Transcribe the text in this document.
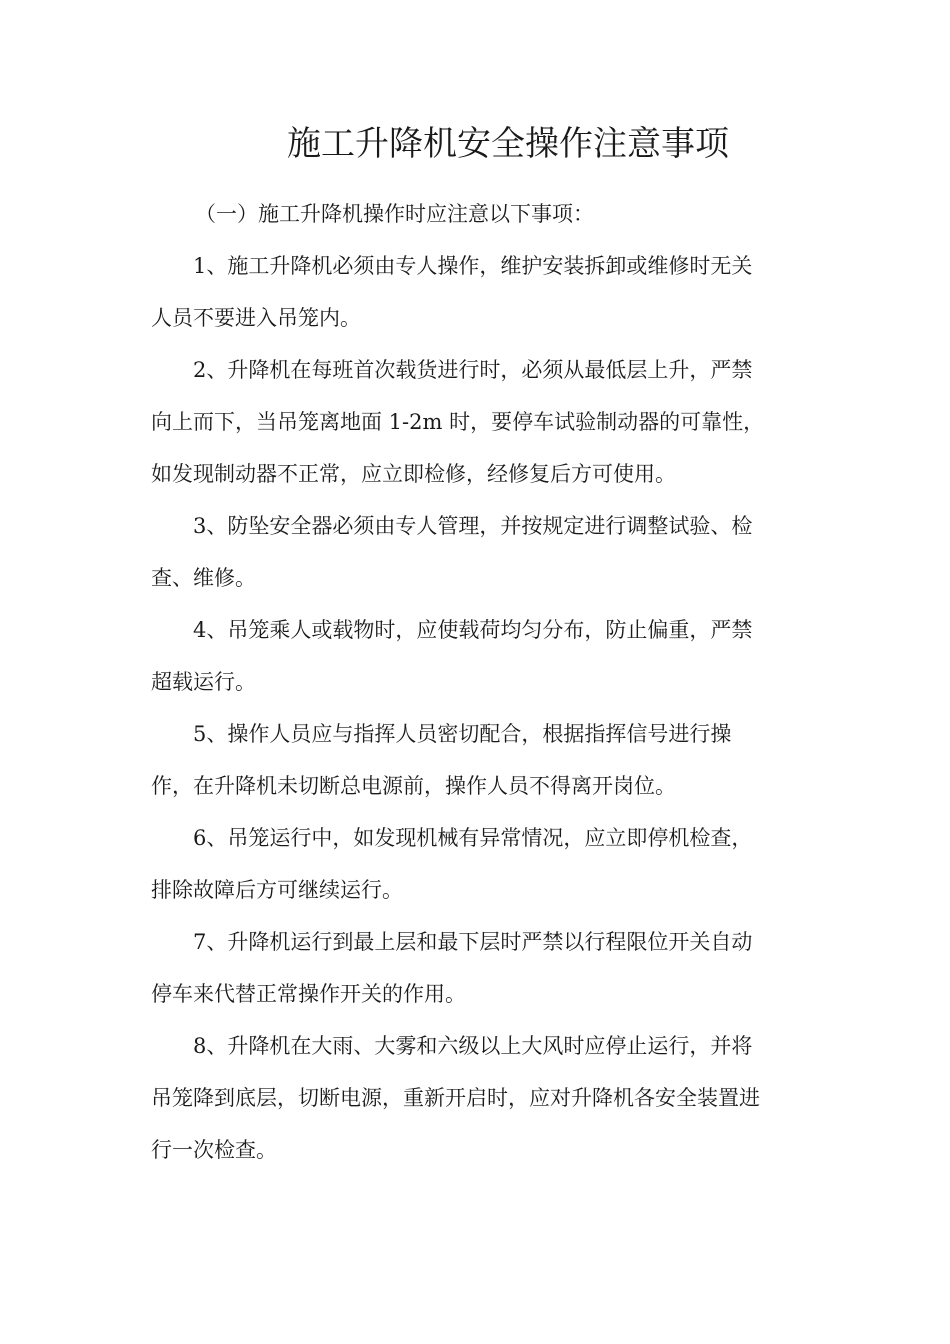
施工升降机安全操作注意事项
（一）施工升降机操作时应注意以下事项：
1、施工升降机必须由专人操作，维护安装拆卸或维修时无关
人员不要进入吊笼内。
2、升降机在每班首次载货进行时，必须从最低层上升，严禁
向上而下，当吊笼离地面 1-2m 时，要停车试验制动器的可靠性，
如发现制动器不正常，应立即检修，经修复后方可使用。
3、防坠安全器必须由专人管理，并按规定进行调整试验、检
查、维修。
4、吊笼乘人或载物时，应使载荷均匀分布，防止偏重，严禁
超载运行。
5、操作人员应与指挥人员密切配合，根据指挥信号进行操
作，在升降机未切断总电源前，操作人员不得离开岗位。
6、吊笼运行中，如发现机械有异常情况，应立即停机检查，
排除故障后方可继续运行。
7、升降机运行到最上层和最下层时严禁以行程限位开关自动
停车来代替正常操作开关的作用。
8、升降机在大雨、大雾和六级以上大风时应停止运行，并将
吊笼降到底层，切断电源，重新开启时，应对升降机各安全装置进
行一次检查。
